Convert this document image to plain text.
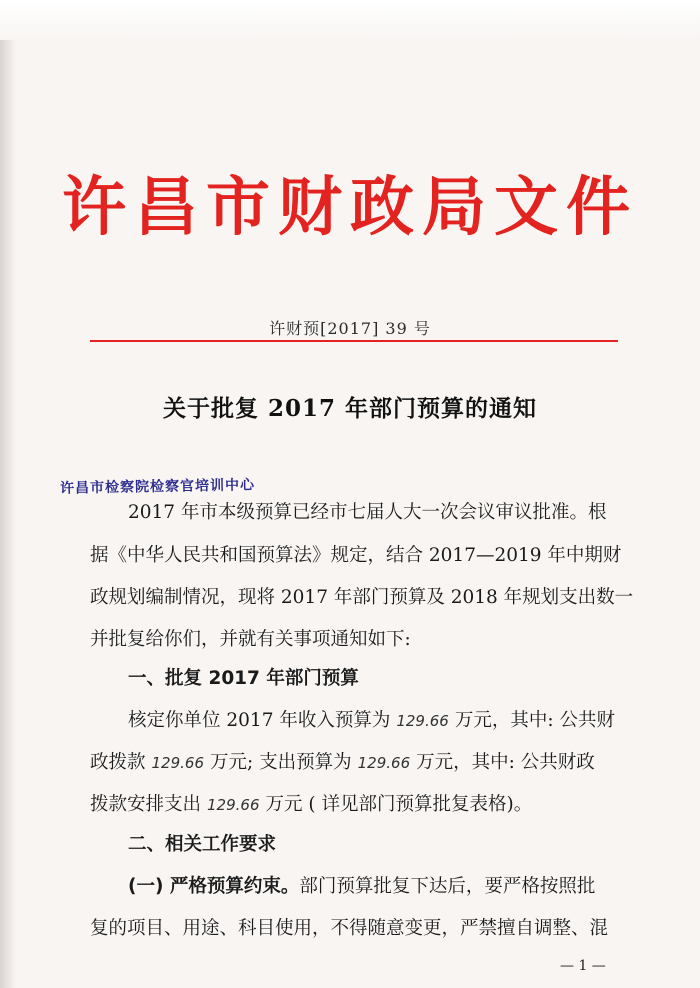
许昌市财政局文件
许财预[2017] 39 号
关于批复 2017 年部门预算的通知
许昌市检察院检察官培训中心
2017 年市本级预算已经市七届人大一次会议审议批准。根
据《中华人民共和国预算法》规定，结合 2017—2019 年中期财
政规划编制情况，现将 2017 年部门预算及 2018 年规划支出数一
并批复给你们，并就有关事项通知如下:
一、批复 2017 年部门预算
核定你单位 2017 年收入预算为 129.66 万元，其中: 公共财
政拨款 129.66 万元; 支出预算为 129.66 万元，其中: 公共财政
拨款安排支出 129.66 万元 ( 详见部门预算批复表格)。
二、相关工作要求
(一) 严格预算约束。部门预算批复下达后，要严格按照批
复的项目、用途、科目使用，不得随意变更，严禁擅自调整、混
— 1 —
